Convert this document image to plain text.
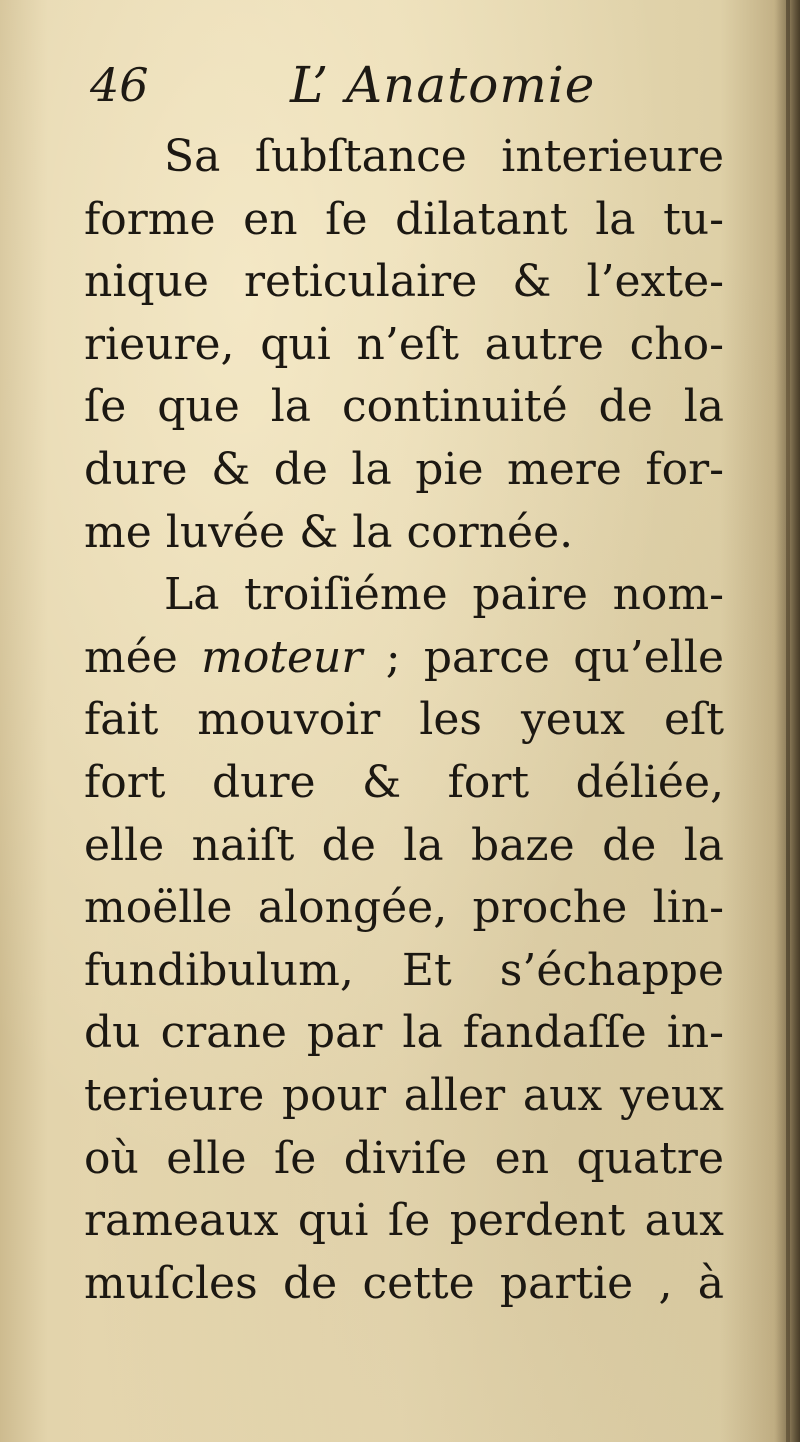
46	L’ Anatomie
Sa ſubſtance interieure
forme en ſe dilatant la tu-
nique reticulaire & l’exte-
rieure, qui n’eſt autre cho-
ſe que la continuité de la
dure & de la pie mere for-
me luvée & la cornée.
La troiſiéme paire nom-
mée moteur ; parce qu’elle
fait mouvoir les yeux eſt
fort dure & fort déliée,
elle naiſt de la baze de la
moëlle alongée, proche lin-
fundibulum, Et s’échappe
du crane par la fandaſſe in-
terieure pour aller aux yeux
où elle ſe diviſe en quatre
rameaux qui ſe perdent aux
muſcles de cette partie , à
